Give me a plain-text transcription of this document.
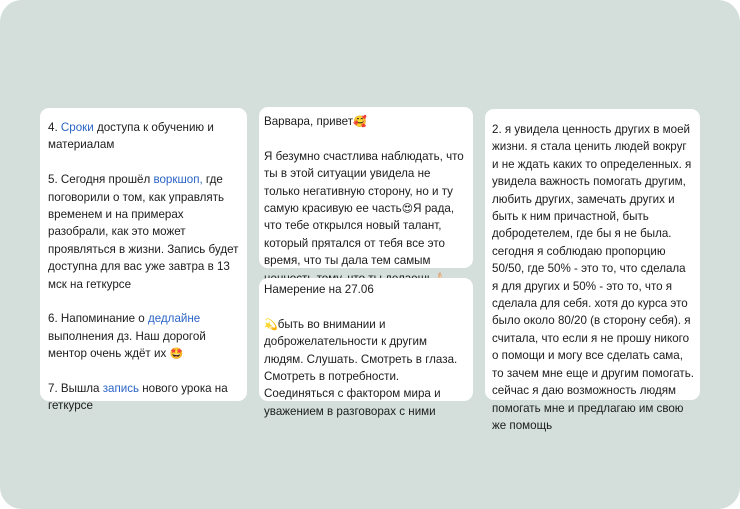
4. Сроки доступа к обучению и материалам

5. Сегодня прошёл воркшоп, где поговорили о том, как управлять временем и на примерах разобрали, как это может проявляться в жизни. Запись будет доступна для вас уже завтра в 13 мск на геткурсе

6. Напоминание о дедлайне выполнения дз. Наш дорогой ментор очень ждёт их 🤩

7. Вышла запись нового урока на геткурсе

Варвара, привет🥰

Я безумно счастлива наблюдать, что ты в этой ситуации увидела не только негативную сторону, но и ту самую красивую ее часть😍Я рада, что тебе открылся новый талант, который прятался от тебя все это время, что ты дала тем самым

Намерение на 27.06

💫быть во внимании и доброжелательности к другим людям. Слушать. Смотреть в глаза. Смотреть в потребности. Соединяться с фактором мира и уважением в разговорах с ними

2. я увидела ценность других в моей жизни. я стала ценить людей вокруг и не ждать каких то определенных. я увидела важность помогать другим, любить других, замечать других и быть к ним причастной, быть добродетелем, где бы я не была. сегодня я соблюдаю пропорцию 50/50, где 50% - это то, что сделала я для других и 50% - это то, что я сделала для себя. хотя до курса это было около 80/20 (в сторону себя). я считала, что если я не прошу никого о помощи и могу все сделать сама, то зачем мне еще и другим помогать. сейчас я даю возможность людям помогать мне и предлагаю им свою же помощь
